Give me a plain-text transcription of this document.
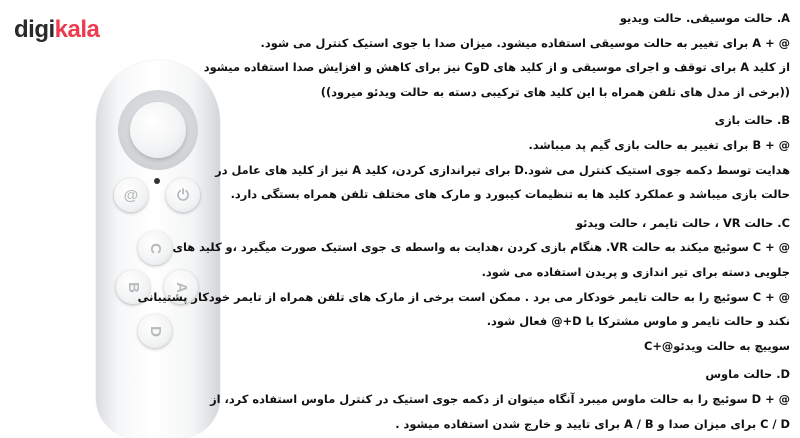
digikala
@	⏻
C
B A
D
A. حالت موسیقی. حالت ویدیو
@ + A برای تغییر به حالت موسیقی استفاده میشود. میزان صدا با جوی استیک کنترل می شود.
از کلید A برای توقف و اجرای موسیقی و از کلید های DوC نیز برای کاهش و افزایش صدا استفاده میشود
((برخی از مدل های تلفن همراه با این کلید های ترکیبی دسته به حالت ویدئو میرود))
B. حالت بازی
@ + B برای تغییر به حالت بازی گیم پد میباشد.
هدایت توسط دکمه جوی استیک کنترل می شود.D برای تیراندازی کردن، کلید A نیز از کلید های عامل در
حالت بازی میباشد و عملکرد کلید ها به تنظیمات کیبورد و مارک های مختلف تلفن همراه بستگی دارد.
C. حالت VR ، حالت تایمر ، حالت ویدئو
@ + C سوئیچ میکند به حالت VR. هنگام بازی کردن ،هدایت به واسطه ی جوی استیک صورت میگیرد ،و کلید های
جلویی دسته برای تیر اندازی و پریدن استفاده می شود.
@ + C سوئیچ را به حالت تایمر خودکار می برد . ممکن است برخی از مارک های تلفن همراه از تایمر خودکار پشتیبانی
نکند و حالت تایمر و ماوس مشترکا با D+@ فعال شود.
سوییچ به حالت ویدئو@+C
D. حالت ماوس
@ + D سوئیچ را به حالت ماوس میبرد آنگاه میتوان از دکمه جوی استیک در کنترل ماوس استفاده کرد، از
C / D برای میزان صدا و A / B برای تایید و خارج شدن استفاده میشود .
